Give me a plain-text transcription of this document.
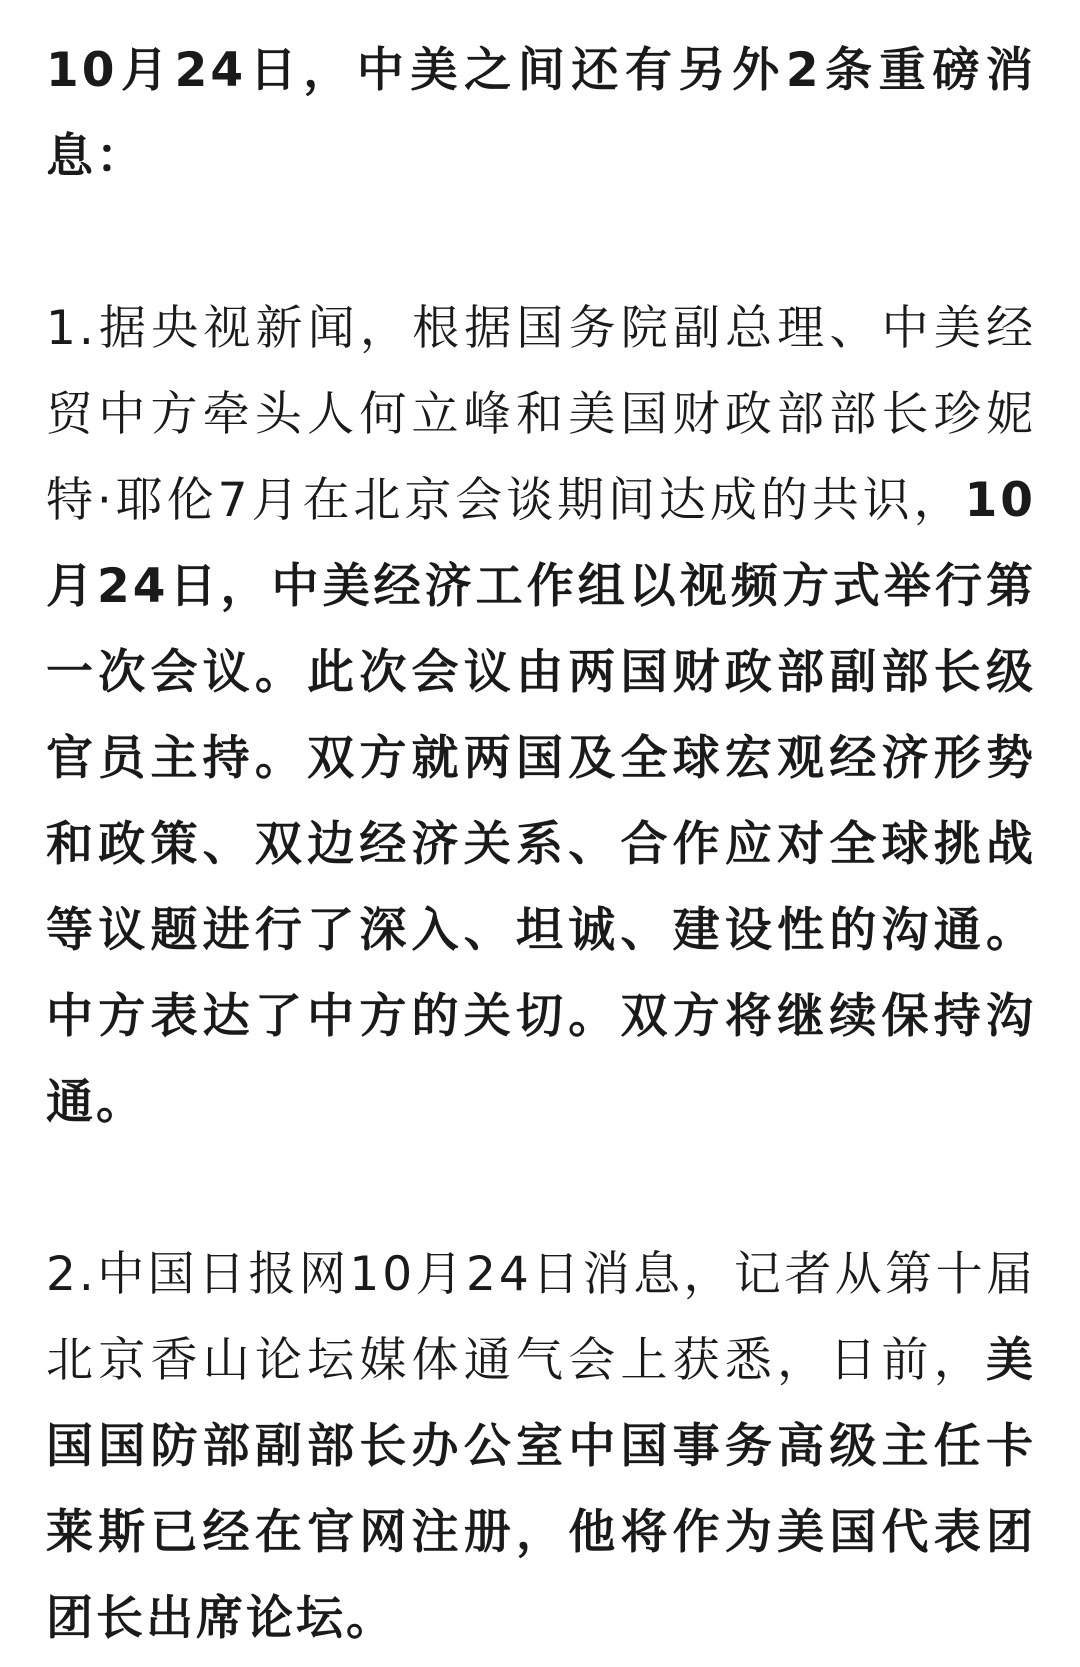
10月24日，中美之间还有另外2条重磅消息：

1.据央视新闻，根据国务院副总理、中美经贸中方牵头人何立峰和美国财政部部长珍妮特·耶伦7月在北京会谈期间达成的共识，10月24日，中美经济工作组以视频方式举行第一次会议。此次会议由两国财政部副部长级官员主持。双方就两国及全球宏观经济形势和政策、双边经济关系、合作应对全球挑战等议题进行了深入、坦诚、建设性的沟通。中方表达了中方的关切。双方将继续保持沟通。

2.中国日报网10月24日消息，记者从第十届北京香山论坛媒体通气会上获悉，日前，美国国防部副部长办公室中国事务高级主任卡莱斯已经在官网注册，他将作为美国代表团团长出席论坛。
